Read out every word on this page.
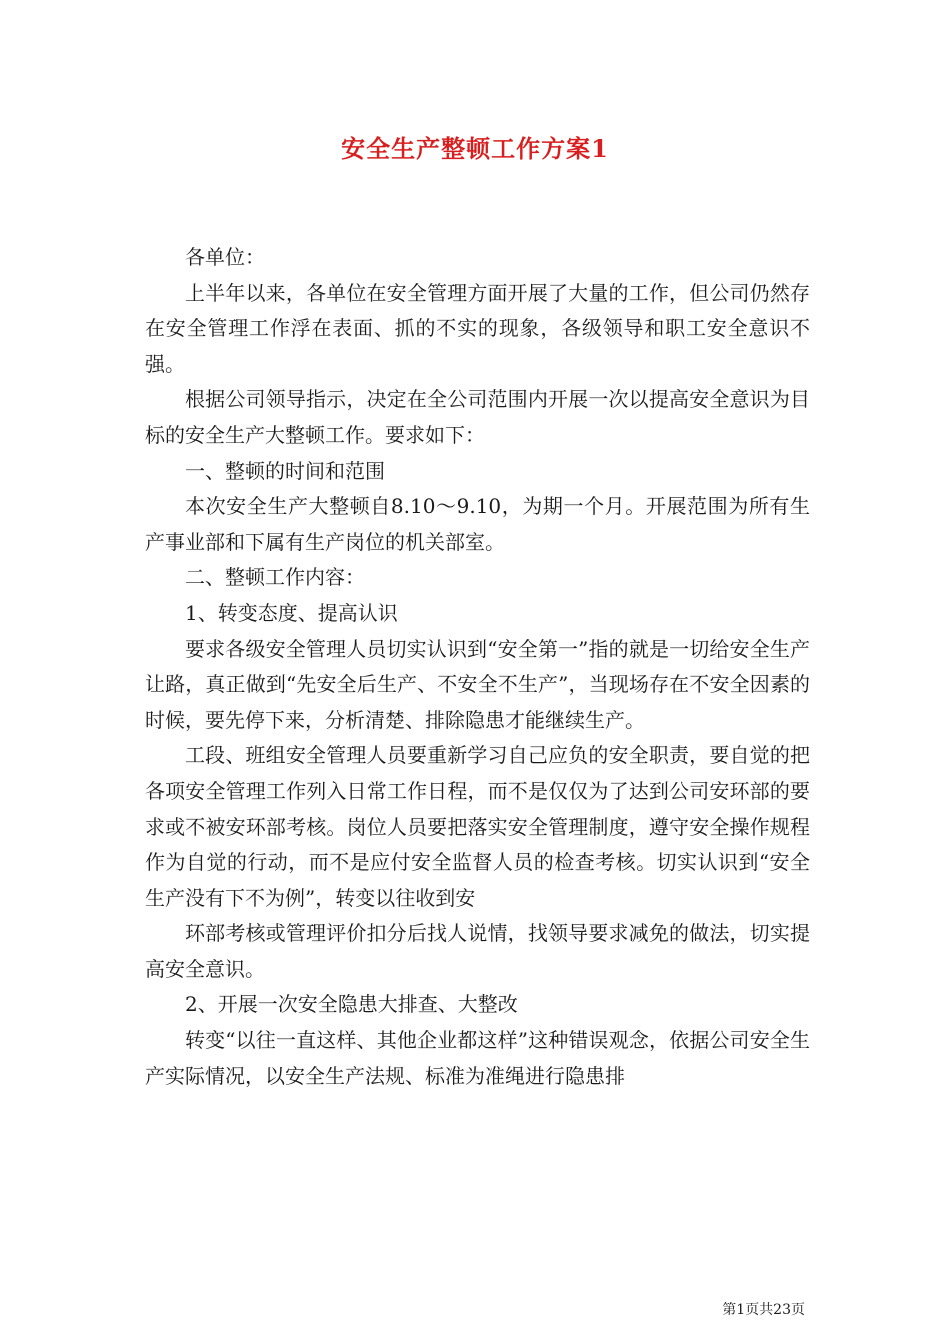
安全生产整顿工作方案1

各单位：

上半年以来，各单位在安全管理方面开展了大量的工作，但公司仍然存在安全管理工作浮在表面、抓的不实的现象，各级领导和职工安全意识不强。

根据公司领导指示，决定在全公司范围内开展一次以提高安全意识为目标的安全生产大整顿工作。要求如下：

一、整顿的时间和范围

本次安全生产大整顿自8.10～9.10，为期一个月。开展范围为所有生产事业部和下属有生产岗位的机关部室。

二、整顿工作内容：

1、转变态度、提高认识

要求各级安全管理人员切实认识到“安全第一”指的就是一切给安全生产让路，真正做到“先安全后生产、不安全不生产”，当现场存在不安全因素的时候，要先停下来，分析清楚、排除隐患才能继续生产。

工段、班组安全管理人员要重新学习自己应负的安全职责，要自觉的把各项安全管理工作列入日常工作日程，而不是仅仅为了达到公司安环部的要求或不被安环部考核。岗位人员要把落实安全管理制度，遵守安全操作规程作为自觉的行动，而不是应付安全监督人员的检查考核。切实认识到“安全生产没有下不为例”，转变以往收到安

环部考核或管理评价扣分后找人说情，找领导要求减免的做法，切实提高安全意识。

2、开展一次安全隐患大排查、大整改

转变“以往一直这样、其他企业都这样”这种错误观念，依据公司安全生产实际情况，以安全生产法规、标准为准绳进行隐患排

第1页共23页
